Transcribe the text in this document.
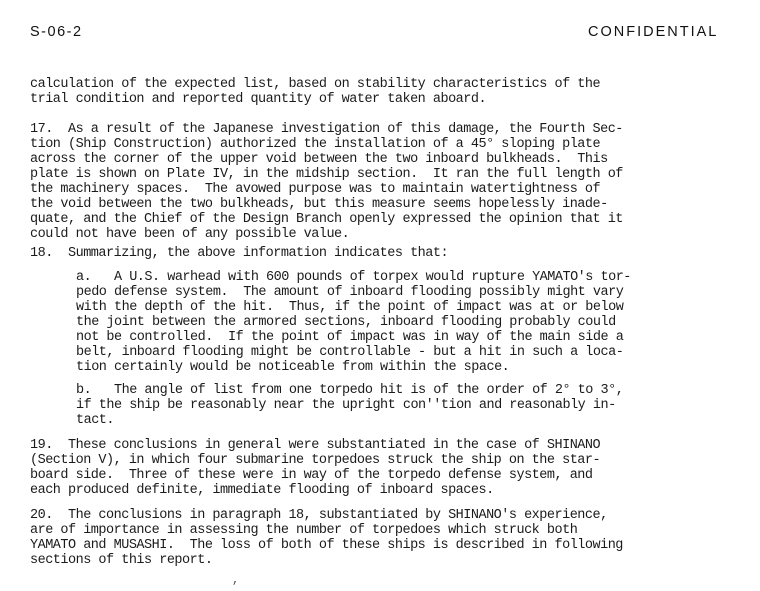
S-06-2	CONFIDENTIAL
calculation of the expected list, based on stability characteristics of the
trial condition and reported quantity of water taken aboard.
17.  As a result of the Japanese investigation of this damage, the Fourth Sec-
tion (Ship Construction) authorized the installation of a 45° sloping plate
across the corner of the upper void between the two inboard bulkheads.  This
plate is shown on Plate IV, in the midship section.  It ran the full length of
the machinery spaces.  The avowed purpose was to maintain watertightness of
the void between the two bulkheads, but this measure seems hopelessly inade-
quate, and the Chief of the Design Branch openly expressed the opinion that it
could not have been of any possible value.
18.  Summarizing, the above information indicates that:
a.   A U.S. warhead with 600 pounds of torpex would rupture YAMATO's tor-
pedo defense system.  The amount of inboard flooding possibly might vary
with the depth of the hit.  Thus, if the point of impact was at or below
the joint between the armored sections, inboard flooding probably could
not be controlled.  If the point of impact was in way of the main side a
belt, inboard flooding might be controllable - but a hit in such a loca-
tion certainly would be noticeable from within the space.
b.   The angle of list from one torpedo hit is of the order of 2° to 3°,
if the ship be reasonably near the upright con''tion and reasonably in-
tact.
19.  These conclusions in general were substantiated in the case of SHINANO
(Section V), in which four submarine torpedoes struck the ship on the star-
board side.  Three of these were in way of the torpedo defense system, and
each produced definite, immediate flooding of inboard spaces.
20.  The conclusions in paragraph 18, substantiated by SHINANO's experience,
are of importance in assessing the number of torpedoes which struck both
YAMATO and MUSASHI.  The loss of both of these ships is described in following
sections of this report.
,
